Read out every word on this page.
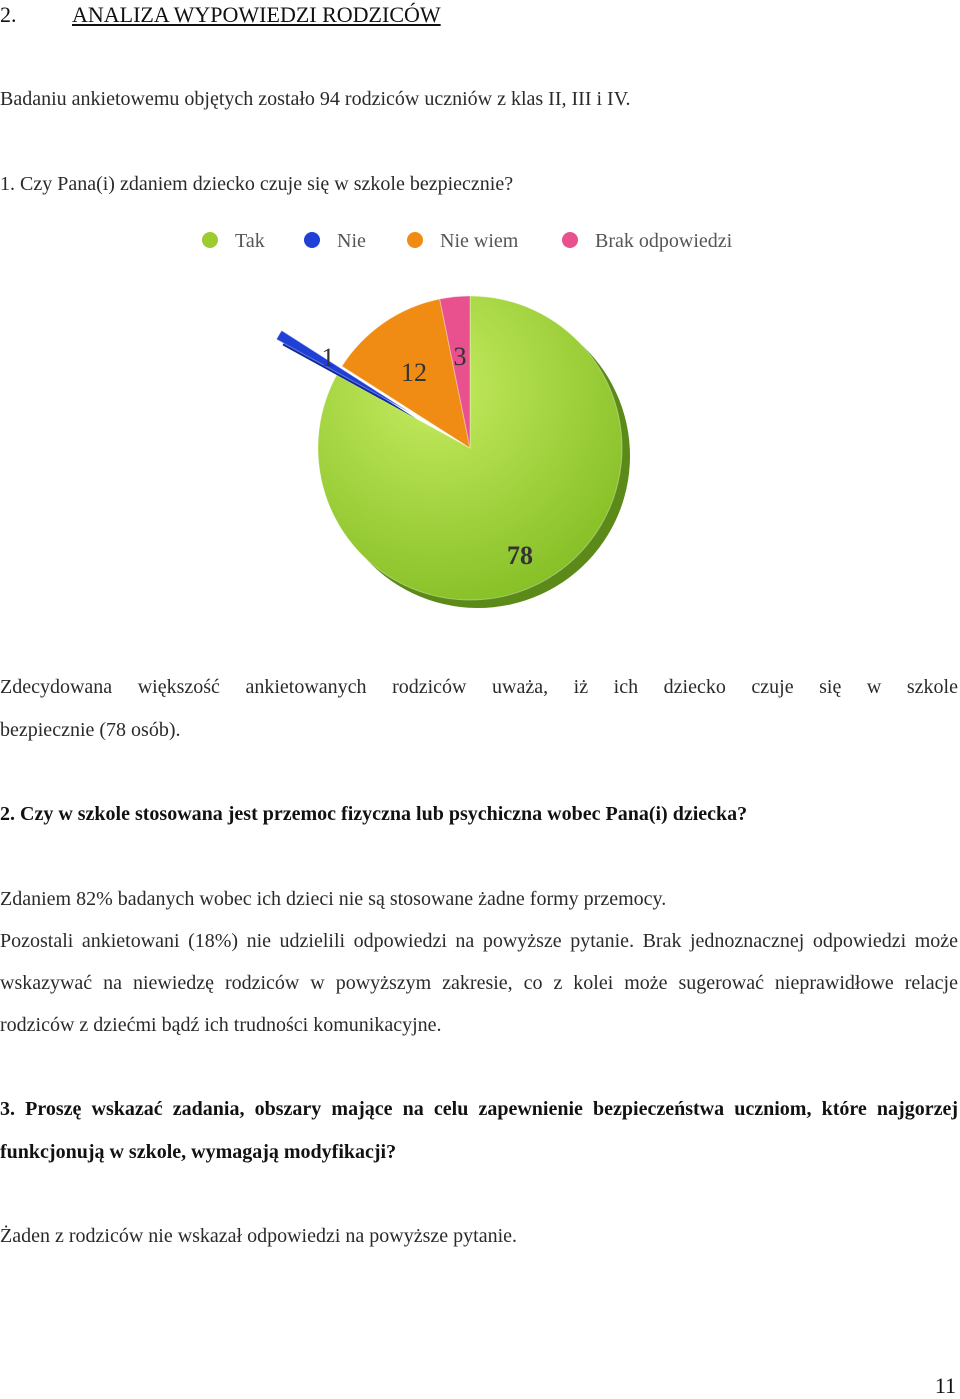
2.	ANALIZA WYPOWIEDZI RODZICÓW
Badaniu ankietowemu objętych zostało 94 rodziców uczniów z klas II, III i IV.
1. Czy Pana(i) zdaniem dziecko czuje się w szkole bezpiecznie?
Tak	Nie	Nie wiem	Brak odpowiedzi
78
1
12
3
Zdecydowana większość ankietowanych rodziców uważa, iż ich dziecko czuje się w szkole
bezpiecznie (78 osób).
2. Czy w szkole stosowana jest przemoc fizyczna lub psychiczna wobec Pana(i) dziecka?
Zdaniem 82% badanych wobec ich dzieci nie są stosowane żadne formy przemocy.
Pozostali ankietowani (18%) nie udzielili odpowiedzi na powyższe pytanie. Brak jednoznacznej odpowiedzi może wskazywać na niewiedzę rodziców w powyższym zakresie, co z kolei może sugerować nieprawidłowe relacje rodziców z dziećmi bądź ich trudności komunikacyjne.
3. Proszę wskazać zadania, obszary mające na celu zapewnienie bezpieczeństwa uczniom, które najgorzej funkcjonują w szkole, wymagają modyfikacji?
Żaden z rodziców nie wskazał odpowiedzi na powyższe pytanie.
11
